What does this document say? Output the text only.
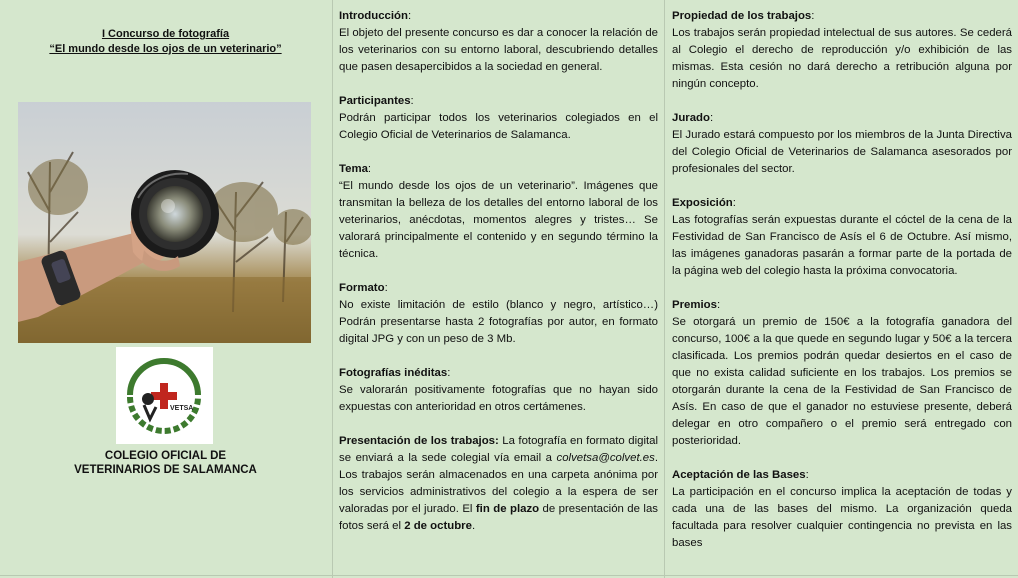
I Concurso de fotografía
“El mundo desde los ojos de un veterinario”
VETSA
COLEGIO OFICIAL DE
VETERINARIOS DE SALAMANCA
Introducción:
El objeto del presente concurso es dar a conocer la relación de los veterinarios con su entorno laboral, descubriendo detalles que pasen desapercibidos a la sociedad en general.
Participantes:
Podrán participar todos los veterinarios colegiados en el Colegio Oficial de Veterinarios de Salamanca.
Tema:
“El mundo desde los ojos de un veterinario”. Imágenes que transmitan la belleza de los detalles del entorno laboral de los veterinarios, anécdotas, momentos alegres y tristes… Se valorará principalmente el contenido y en segundo término la técnica.
Formato:
No existe limitación de estilo (blanco y negro, artístico…) Podrán presentarse hasta 2 fotografías por autor, en formato digital JPG y con un peso de 3 Mb.
Fotografías inéditas:
Se valorarán positivamente fotografías que no hayan sido expuestas con anterioridad en otros certámenes.
Presentación de los trabajos: La fotografía en formato digital se enviará a la sede colegial vía email a colvetsa@colvet.es. Los trabajos serán almacenados en una carpeta anónima por los servicios administrativos del colegio a la espera de ser valoradas por el jurado. El fin de plazo de presentación de las fotos será el 2 de octubre.
Propiedad de los trabajos:
Los trabajos serán propiedad intelectual de sus autores. Se cederá al Colegio el derecho de reproducción y/o exhibición de las mismas. Esta cesión no dará derecho a retribución alguna por ningún concepto.
Jurado:
El Jurado estará compuesto por los miembros de la Junta Directiva del Colegio Oficial de Veterinarios de Salamanca asesorados por profesionales del sector.
Exposición:
Las fotografías serán expuestas durante el cóctel de la cena de la Festividad de San Francisco de Asís el 6 de Octubre. Así mismo, las imágenes ganadoras pasarán a formar parte de la portada de la página web del colegio hasta la próxima convocatoria.
Premios:
Se otorgará un premio de 150€ a la fotografía ganadora del concurso, 100€ a la que quede en segundo lugar y 50€ a la tercera clasificada. Los premios podrán quedar desiertos en el caso de que no exista calidad suficiente en los trabajos. Los premios se otorgarán durante la cena de la Festividad de San Francisco de Asís. En caso de que el ganador no estuviese presente, deberá delegar en otro compañero o el premio será entregado con posterioridad.
Aceptación de las Bases:
La participación en el concurso implica la aceptación de todas y cada una de las bases del mismo. La organización queda facultada para resolver cualquier contingencia no prevista en las bases
